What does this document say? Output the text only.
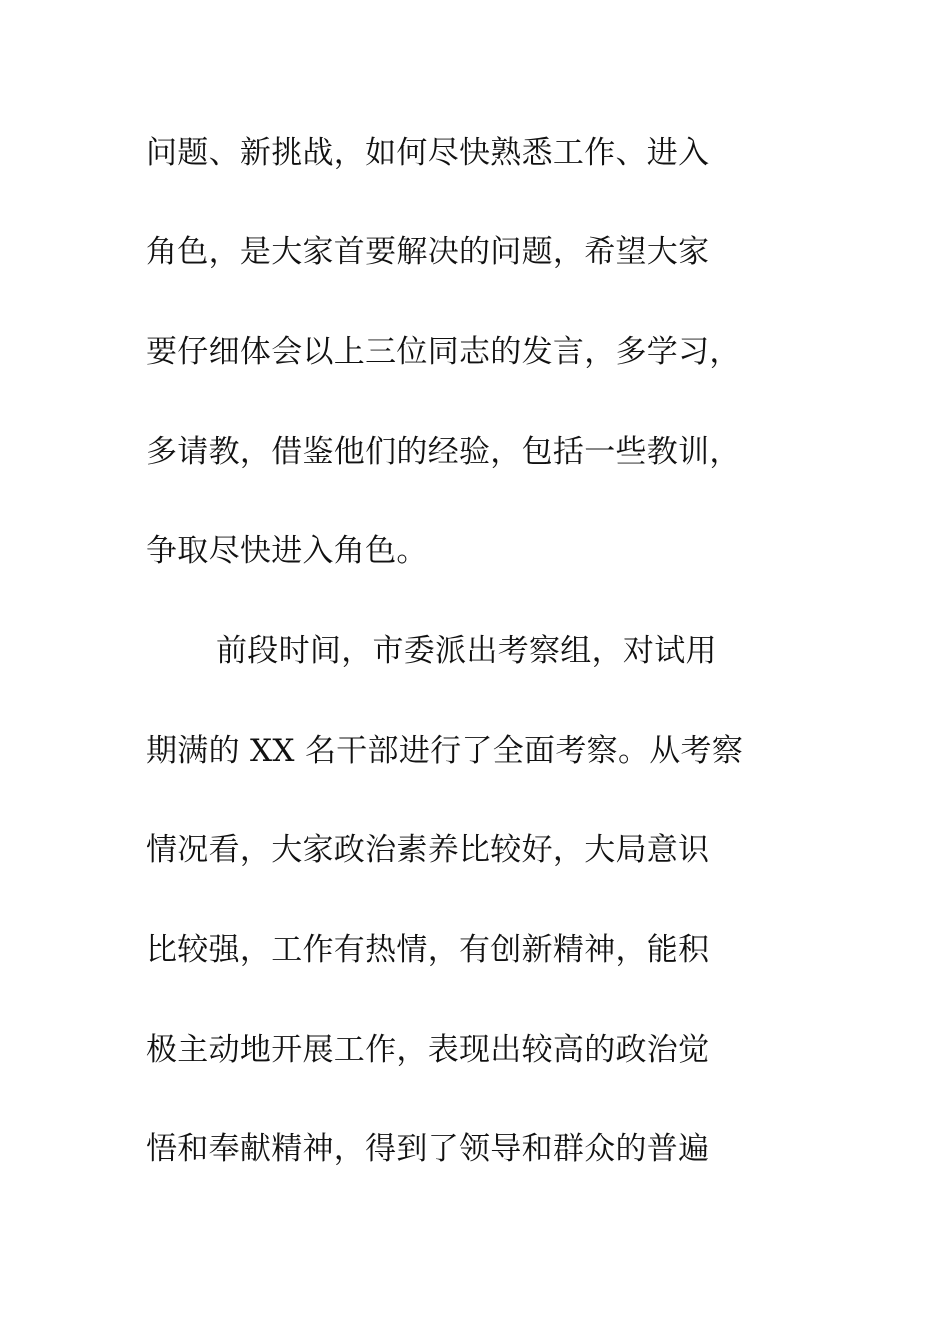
问题、新挑战，如何尽快熟悉工作、进入
角色，是大家首要解决的问题，希望大家
要仔细体会以上三位同志的发言，多学习，
多请教，借鉴他们的经验，包括一些教训，
争取尽快进入角色。
前段时间，市委派出考察组，对试用
期满的 XX 名干部进行了全面考察。从考察
情况看，大家政治素养比较好，大局意识
比较强，工作有热情，有创新精神，能积
极主动地开展工作，表现出较高的政治觉
悟和奉献精神，得到了领导和群众的普遍
